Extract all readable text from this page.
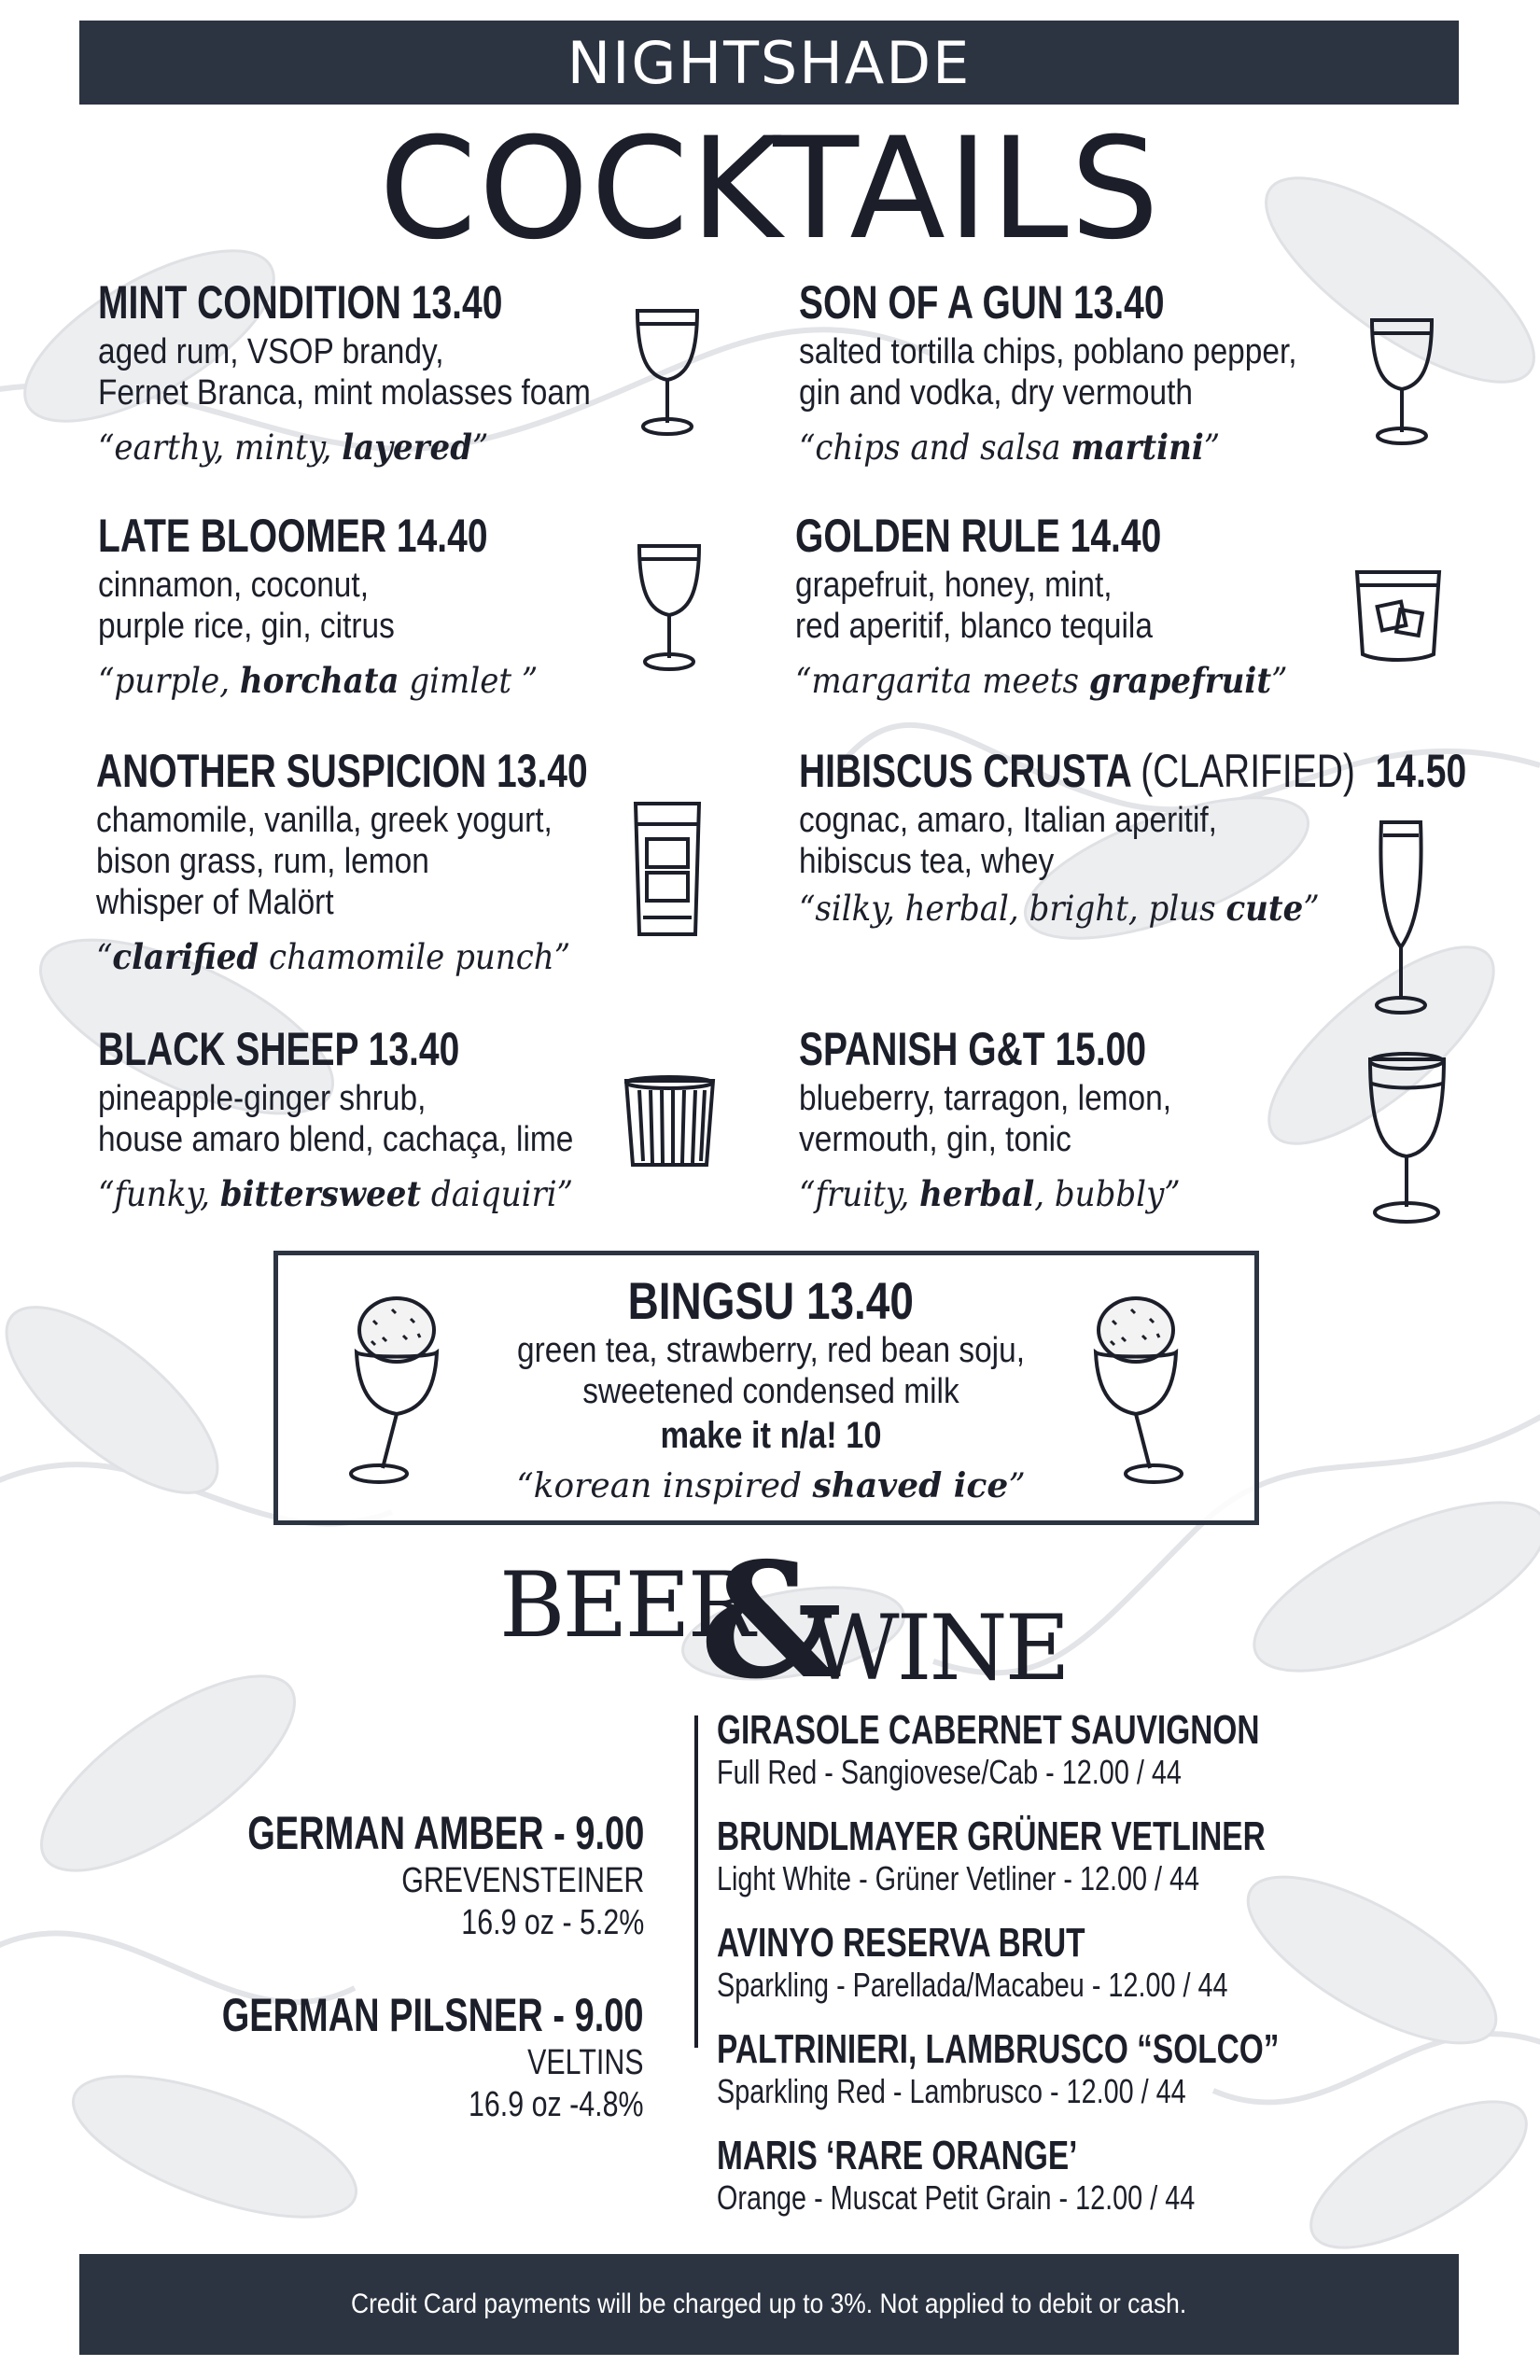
NIGHTSHADE
COCKTAILS
MINT CONDITION 13.40
aged rum, VSOP brandy,
Fernet Branca, mint molasses foam
“earthy, minty, layered”
SON OF A GUN 13.40
salted tortilla chips, poblano pepper,
gin and vodka, dry vermouth
“chips and salsa martini”
LATE BLOOMER 14.40
cinnamon, coconut,
purple rice, gin, citrus
“purple, horchata gimlet ”
GOLDEN RULE 14.40
grapefruit, honey, mint,
red aperitif, blanco tequila
“margarita meets grapefruit”
ANOTHER SUSPICION 13.40
chamomile, vanilla, greek yogurt,
bison grass, rum, lemon
whisper of Malört
“clarified chamomile punch”
HIBISCUS CRUSTA (CLARIFIED) 14.50
cognac, amaro, Italian aperitif,
hibiscus tea, whey
“silky, herbal, bright, plus cute”
BLACK SHEEP 13.40
pineapple-ginger shrub,
house amaro blend, cachaça, lime
“funky, bittersweet daiquiri”
SPANISH G&T 15.00
blueberry, tarragon, lemon,
vermouth, gin, tonic
“fruity, herbal, bubbly”
BINGSU 13.40
green tea, strawberry, red bean soju,
sweetened condensed milk
make it n/a! 10
“korean inspired shaved ice”
BEER
&
WINE
GERMAN AMBER - 9.00
GREVENSTEINER
16.9 oz - 5.2%
GERMAN PILSNER - 9.00
VELTINS
16.9 oz -4.8%
GIRASOLE CABERNET SAUVIGNON
Full Red - Sangiovese/Cab - 12.00 / 44
BRUNDLMAYER GRÜNER VETLINER
Light White - Grüner Vetliner - 12.00 / 44
AVINYO RESERVA BRUT
Sparkling - Parellada/Macabeu - 12.00 / 44
PALTRINIERI, LAMBRUSCO “SOLCO”
Sparkling Red - Lambrusco - 12.00 / 44
MARIS ‘RARE ORANGE’
Orange - Muscat Petit Grain - 12.00 / 44
Credit Card payments will be charged up to 3%. Not applied to debit or cash.
